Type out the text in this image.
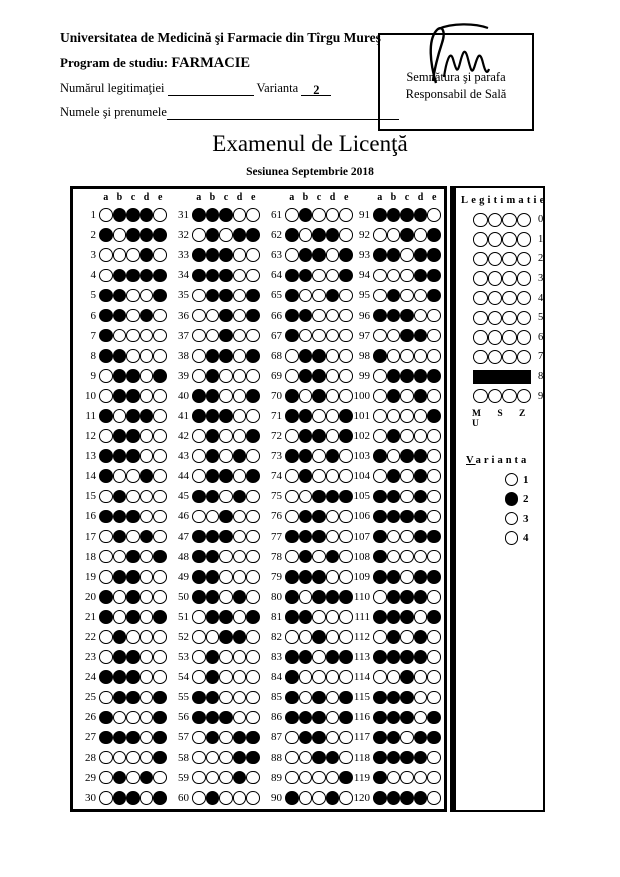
Universitatea de Medicină şi Farmacie din Tîrgu Mureş

Program de studiu: FARMACIE

Numărul legitimaţiei	Varianta 2

Numele şi prenumele

Semnătura şi parafa
Responsabil de Sală
Examenul de Licenţă
Sesiunea Septembrie 2018
a b c d e
1
2
3
4
5
6
7
8
9
10
11
12
13
14
15
16
17
18
19
20
21
22
23
24
25
26
27
28
29
30
a b c d e
31
32
33
34
35
36
37
38
39
40
41
42
43
44
45
46
47
48
49
50
51
52
53
54
55
56
57
58
59
60
a b c d e
61
62
63
64
65
66
67
68
69
70
71
72
73
74
75
76
77
78
79
80
81
82
83
84
85
86
87
88
89
90
a b c d e
91
92
93
94
95
96
97
98
99
100
101
102
103
104
105
106
107
108
109
110
111
112
113
114
115
116
117
118
119
120
Legitimatie
0
1
2
3
4
5
6
7
8
9
M S Z U
Varianta
1
2
3
4
